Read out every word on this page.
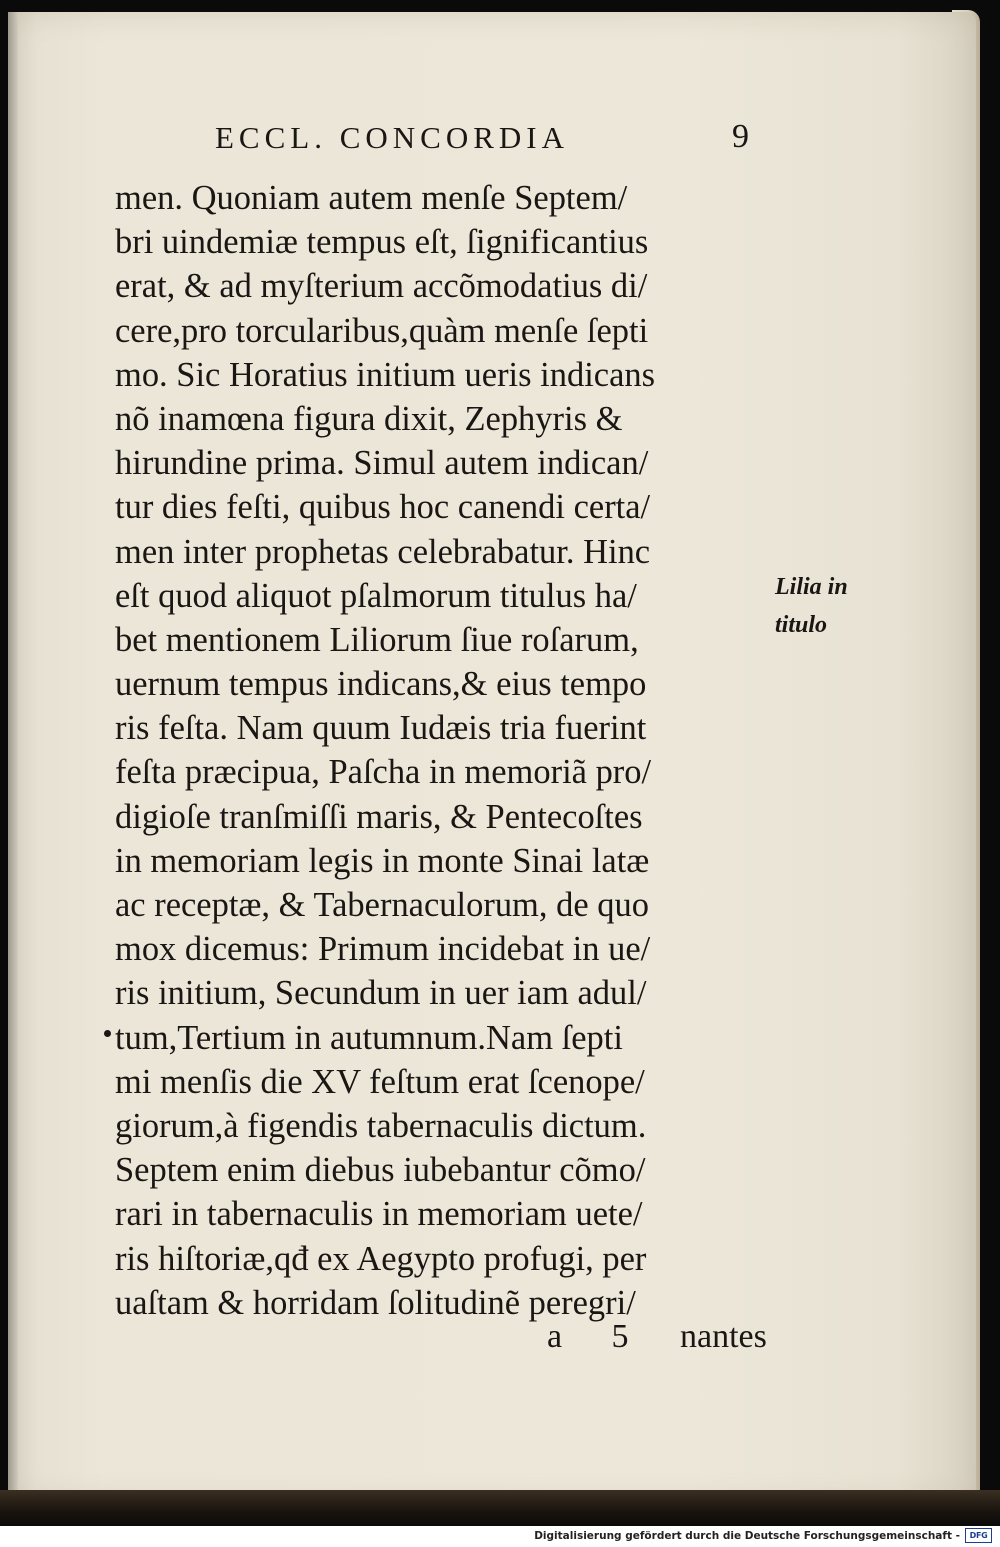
ECCL. CONCORDIA	9
men. Quoniam autem menſe Septem/
bri uindemiæ tempus eſt, ſignificantius
erat, & ad myſterium accõmodatius di/
cere,pro torcularibus,quàm menſe ſepti
mo. Sic Horatius initium ueris indicans
nõ inamœna figura dixit, Zephyris &
hirundine prima. Simul autem indican/
tur dies feſti, quibus hoc canendi certa/
men inter prophetas celebrabatur. Hinc
eſt quod aliquot pſalmorum titulus ha/
bet mentionem Liliorum ſiue roſarum,
uernum tempus indicans,& eius tempo
ris feſta. Nam quum Iudæis tria fuerint
feſta præcipua, Paſcha in memoriã pro/
digioſe tranſmiſſi maris, & Pentecoſtes
in memoriam legis in monte Sinai latæ
ac receptæ, & Tabernaculorum, de quo
mox dicemus: Primum incidebat in ue/
ris initium, Secundum in uer iam adul/
tum,Tertium in autumnum.Nam ſepti
mi menſis die XV feſtum erat ſcenope/
giorum,à figendis tabernaculis dictum.
Septem enim diebus iubebantur cõmo/
rari in tabernaculis in memoriam uete/
ris hiſtoriæ,qđ ex Aegypto profugi, per
uaſtam & horridam ſolitudinẽ peregri/
Lilia in
titulo
a 5 nantes
Digitalisierung gefördert durch die Deutsche Forschungsgemeinschaft -	DFG
